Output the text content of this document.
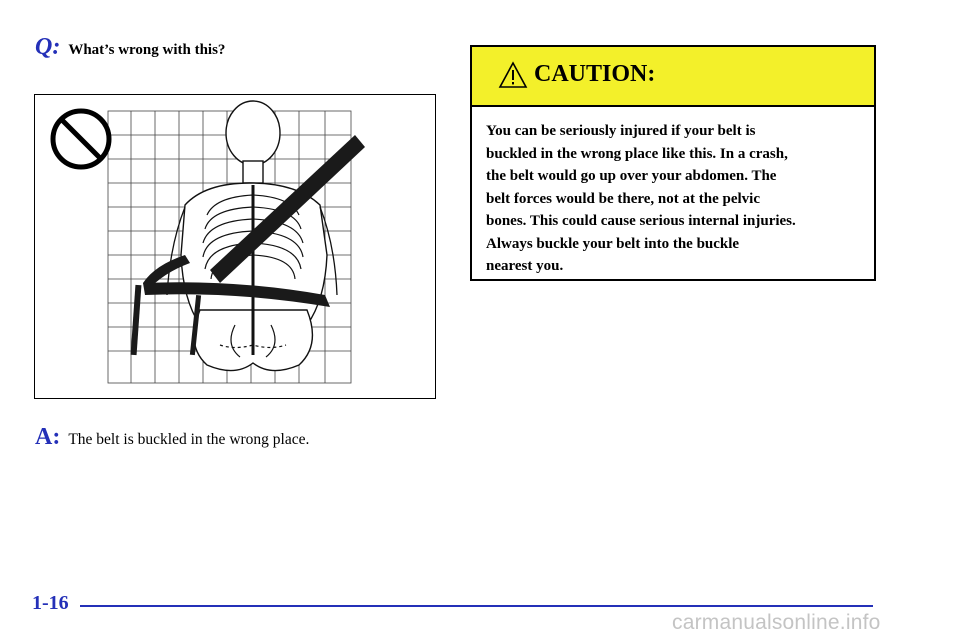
Q: What’s wrong with this?
A: The belt is buckled in the wrong place.
CAUTION:
You can be seriously injured if your belt is
buckled in the wrong place like this. In a crash,
the belt would go up over your abdomen. The
belt forces would be there, not at the pelvic
bones. This could cause serious internal injuries.
Always buckle your belt into the buckle
nearest you.
1-16
carmanualsonline.info
